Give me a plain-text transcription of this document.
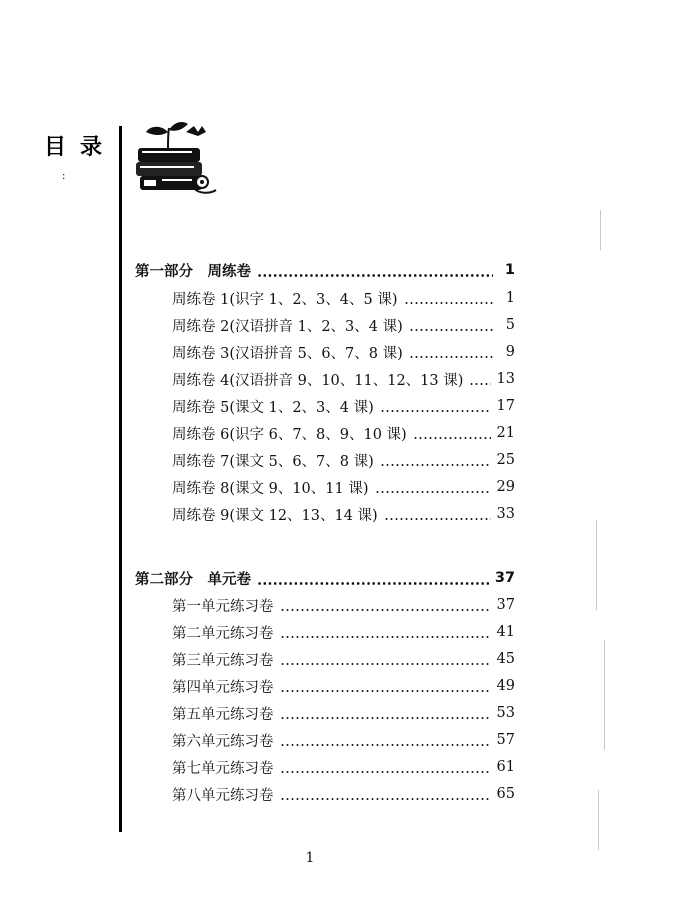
目录
:
第一部分　周练卷	1
周练卷 1(识字 1、2、3、4、5 课)	1
周练卷 2(汉语拼音 1、2、3、4 课)	5
周练卷 3(汉语拼音 5、6、7、8 课)	9
周练卷 4(汉语拼音 9、10、11、12、13 课) 13
周练卷 5(课文 1、2、3、4 课)	17
周练卷 6(识字 6、7、8、9、10 课)	21
周练卷 7(课文 5、6、7、8 课)	25
周练卷 8(课文 9、10、11 课)	29
周练卷 9(课文 12、13、14 课)	33
第二部分　单元卷	37
第一单元练习卷	37
第二单元练习卷	41
第三单元练习卷	45
第四单元练习卷	49
第五单元练习卷	53
第六单元练习卷	57
第七单元练习卷	61
第八单元练习卷	65
1
